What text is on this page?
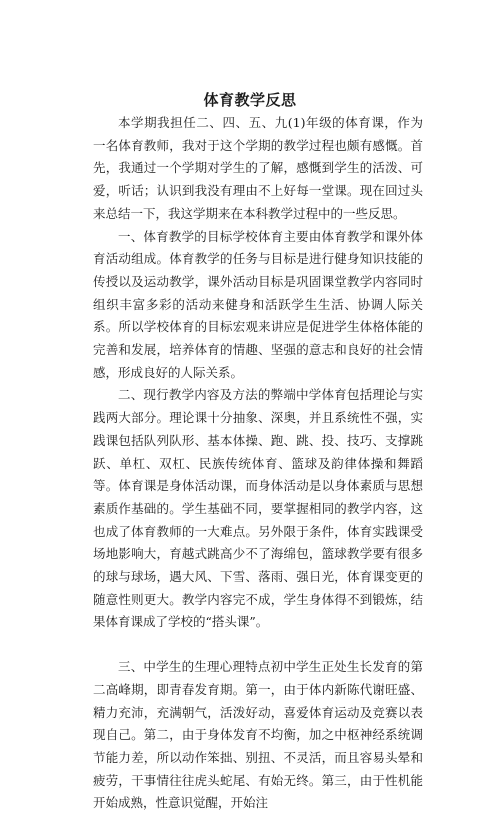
体育教学反思

本学期我担任二、四、五、九(1)年级的体育课，作为一名体育教师，我对于这个学期的教学过程也颇有感慨。首先，我通过一个学期对学生的了解，感慨到学生的活泼、可爱，听话；认识到我没有理由不上好每一堂课。现在回过头来总结一下，我这学期来在本科教学过程中的一些反思。

一、体育教学的目标学校体育主要由体育教学和课外体育活动组成。体育教学的任务与目标是进行健身知识技能的传授以及运动教学，课外活动目标是巩固课堂教学内容同时组织丰富多彩的活动来健身和活跃学生生活、协调人际关系。所以学校体育的目标宏观来讲应是促进学生体格体能的完善和发展，培养体育的情趣、坚强的意志和良好的社会情感，形成良好的人际关系。

二、现行教学内容及方法的弊端中学体育包括理论与实践两大部分。理论课十分抽象、深奥，并且系统性不强，实践课包括队列队形、基本体操、跑、跳、投、技巧、支撑跳跃、单杠、双杠、民族传统体育、篮球及韵律体操和舞蹈等。体育课是身体活动课，而身体活动是以身体素质与思想素质作基础的。学生基础不同，要掌握相同的教学内容，这也成了体育教师的一大难点。另外限于条件，体育实践课受场地影响大，育越式跳高少不了海绵包，篮球教学要有很多的球与球场，遇大风、下雪、落雨、强日光，体育课变更的随意性则更大。教学内容完不成，学生身体得不到锻炼，结果体育课成了学校的“搭头课”。

三、中学生的生理心理特点初中学生正处生长发育的第二高峰期，即青春发育期。第一，由于体内新陈代谢旺盛、精力充沛，充满朝气，活泼好动，喜爱体育运动及竞赛以表现自己。第二，由于身体发育不均衡，加之中枢神经系统调节能力差，所以动作笨拙、别扭、不灵活，而且容易头晕和疲劳，干事情往往虎头蛇尾、有始无终。第三，由于性机能开始成熟，性意识觉醒，开始注
